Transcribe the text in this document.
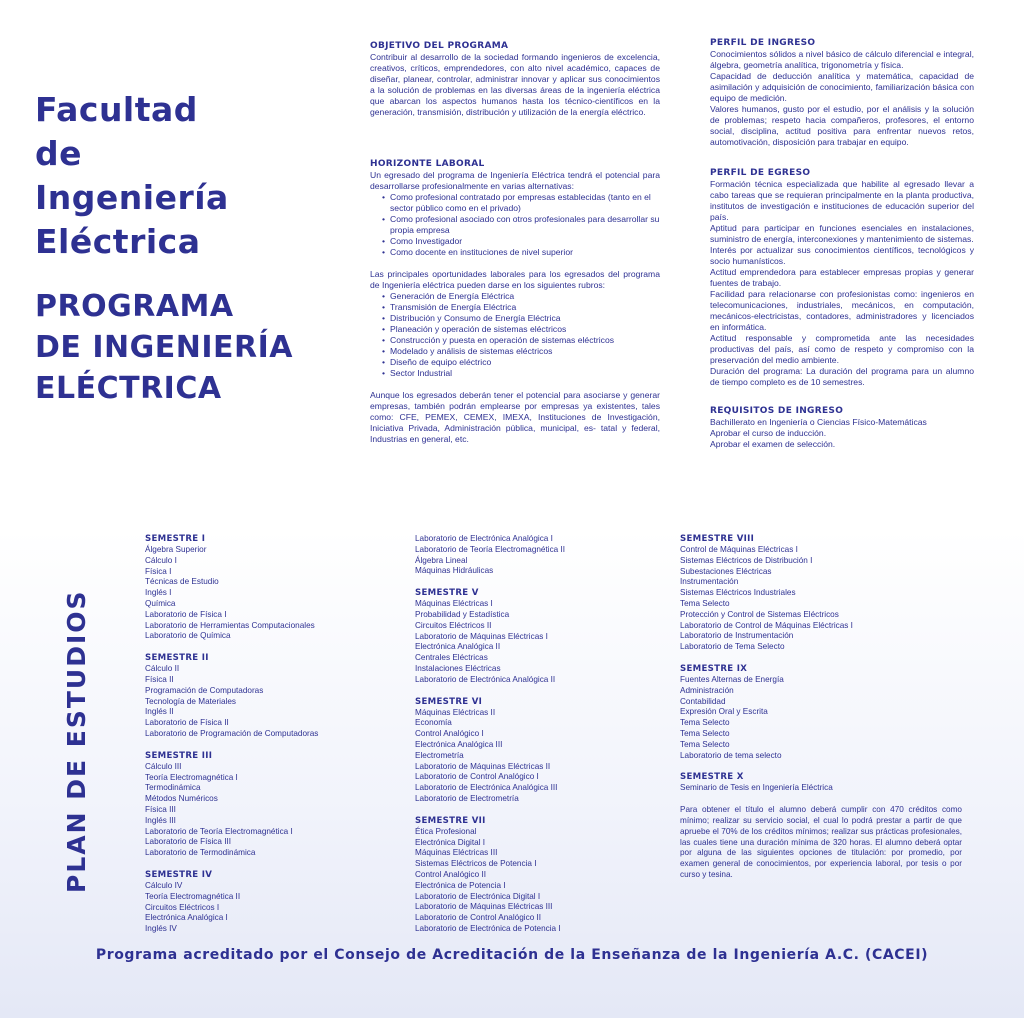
Facultad
de
Ingeniería
Eléctrica
PROGRAMA
DE INGENIERÍA
ELÉCTRICA

OBJETIVO DEL PROGRAMA

Contribuir al desarrollo de la sociedad formando ingenieros de excelencia, creativos, críticos, emprendedores, con alto nivel académico, capaces de diseñar, planear, controlar, administrar innovar y aplicar sus conocimientos a la solución de problemas en las diversas áreas de la ingeniería eléctrica que abarcan los aspectos humanos hasta los técnico-científicos en la generación, transmisión, distribución y utilización de la energía eléctrico.

HORIZONTE LABORAL

Un egresado del programa de Ingeniería Eléctrica tendrá el potencial para desarrollarse profesionalmente en varias alternativas:

• Como profesional contratado por empresas establecidas (tanto en el sector público como en el privado)
• Como profesional asociado con otros profesionales para desarrollar su propia empresa
• Como Investigador
• Como docente en instituciones de nivel superior

Las principales oportunidades laborales para los egresados del programa de Ingeniería eléctrica pueden darse en los siguientes rubros:

• Generación de Energía Eléctrica
• Transmisión de Energía Eléctrica
• Distribución y Consumo de Energía Eléctrica
• Planeación y operación de sistemas eléctricos
• Construcción y puesta en operación de sistemas eléctricos
• Modelado y análisis de sistemas eléctricos
• Diseño de equipo eléctrico
• Sector Industrial

Aunque los egresados deberán tener el potencial para asociarse y generar empresas, también podrán emplearse por empresas ya existentes, tales como: CFE, PEMEX, CEMEX, IMEXA, Instituciones de Investigación, Iniciativa Privada, Administración pública, municipal, es- tatal y federal, Industrias en general, etc.

PERFIL DE INGRESO

Conocimientos sólidos a nivel básico de cálculo diferencial e integral, álgebra, geometría analítica, trigonometría y física.

Capacidad de deducción analítica y matemática, capacidad de asimilación y adquisición de conocimiento, familiarización básica con equipo de medición.

Valores humanos, gusto por el estudio, por el análisis y la solución de problemas; respeto hacia compañeros, profesores, el entorno social, disciplina, actitud positiva para enfrentar nuevos retos, automotivación, disposición para trabajar en equipo.

PERFIL DE EGRESO

Formación técnica especializada que habilite al egresado llevar a cabo tareas que se requieran principalmente en la planta productiva, institutos de investigación e instituciones de educación superior del país.

Aptitud para participar en funciones esenciales en instalaciones, suministro de energía, interconexiones y mantenimiento de sistemas.

Interés por actualizar sus conocimientos científicos, tecnológicos y socio humanísticos.

Actitud emprendedora para establecer empresas propias y generar fuentes de trabajo.

Facilidad para relacionarse con profesionistas como: ingenieros en telecomunicaciones, industriales, mecánicos, en computación, mecánicos-electricistas, contadores, administradores y licenciados en informática.

Actitud responsable y comprometida ante las necesidades productivas del país, así como de respeto y compromiso con la preservación del medio ambiente.

Duración del programa: La duración del programa para un alumno de tiempo completo es de 10 semestres.

REQUISITOS DE INGRESO

Bachillerato en Ingeniería o Ciencias Físico-Matemáticas

Aprobar el curso de inducción.

Aprobar el examen de selección.

PLAN DE ESTUDIOS
SEMESTRE I
Álgebra Superior
Cálculo I
Física I
Técnicas de Estudio
Inglés I
Química
Laboratorio de Física I
Laboratorio de Herramientas Computacionales
Laboratorio de Química
SEMESTRE II
Cálculo II
Física II
Programación de Computadoras
Tecnología de Materiales
Inglés II
Laboratorio de Física II
Laboratorio de Programación de Computadoras
SEMESTRE III
Cálculo III
Teoría Electromagnética I
Termodinámica
Métodos Numéricos
Física III
Inglés III
Laboratorio de Teoría Electromagnética I
Laboratorio de Física III
Laboratorio de Termodinámica
SEMESTRE IV
Cálculo IV
Teoría Electromagnética II
Circuitos Eléctricos I
Electrónica Analógica I
Inglés IV
Laboratorio de Electrónica Analógica I
Laboratorio de Teoría Electromagnética II
Álgebra Lineal
Máquinas Hidráulicas
SEMESTRE V
Máquinas Eléctricas I
Probabilidad y Estadística
Circuitos Eléctricos II
Laboratorio de Máquinas Eléctricas I
Electrónica Analógica II
Centrales Eléctricas
Instalaciones Eléctricas
Laboratorio de Electrónica Analógica II
SEMESTRE VI
Máquinas Eléctricas II
Economía
Control Analógico I
Electrónica Analógica III
Electrometría
Laboratorio de Máquinas Eléctricas II
Laboratorio de Control Analógico I
Laboratorio de Electrónica Analógica III
Laboratorio de Electrometría
SEMESTRE VII
Ética Profesional
Electrónica Digital I
Máquinas Eléctricas III
Sistemas Eléctricos de Potencia I
Control Analógico II
Electrónica de Potencia I
Laboratorio de Electrónica Digital I
Laboratorio de Máquinas Eléctricas III
Laboratorio de Control Analógico II
Laboratorio de Electrónica de Potencia I
SEMESTRE VIII
Control de Máquinas Eléctricas I
Sistemas Eléctricos de Distribución I
Subestaciones Eléctricas
Instrumentación
Sistemas Eléctricos Industriales
Tema Selecto
Protección y Control de Sistemas Eléctricos
Laboratorio de Control de Máquinas Eléctricas I
Laboratorio de Instrumentación
Laboratorio de Tema Selecto
SEMESTRE IX
Fuentes Alternas de Energía
Administración
Contabilidad
Expresión Oral y Escrita
Tema Selecto
Tema Selecto
Tema Selecto
Laboratorio de tema selecto
SEMESTRE X
Seminario de Tesis en Ingeniería Eléctrica

Para obtener el título el alumno deberá cumplir con 470 créditos como mínimo; realizar su servicio social, el cual lo podrá prestar a partir de que apruebe el 70% de los créditos mínimos; realizar sus prácticas profesionales, las cuales tiene una duración mínima de 320 horas. El alumno deberá optar por alguna de las siguientes opciones de titulación: por promedio, por examen general de conocimientos, por experiencia laboral, por tesis o por curso y tesina.

Programa acreditado por el Consejo de Acreditación de la Enseñanza de la Ingeniería A.C. (CACEI)
